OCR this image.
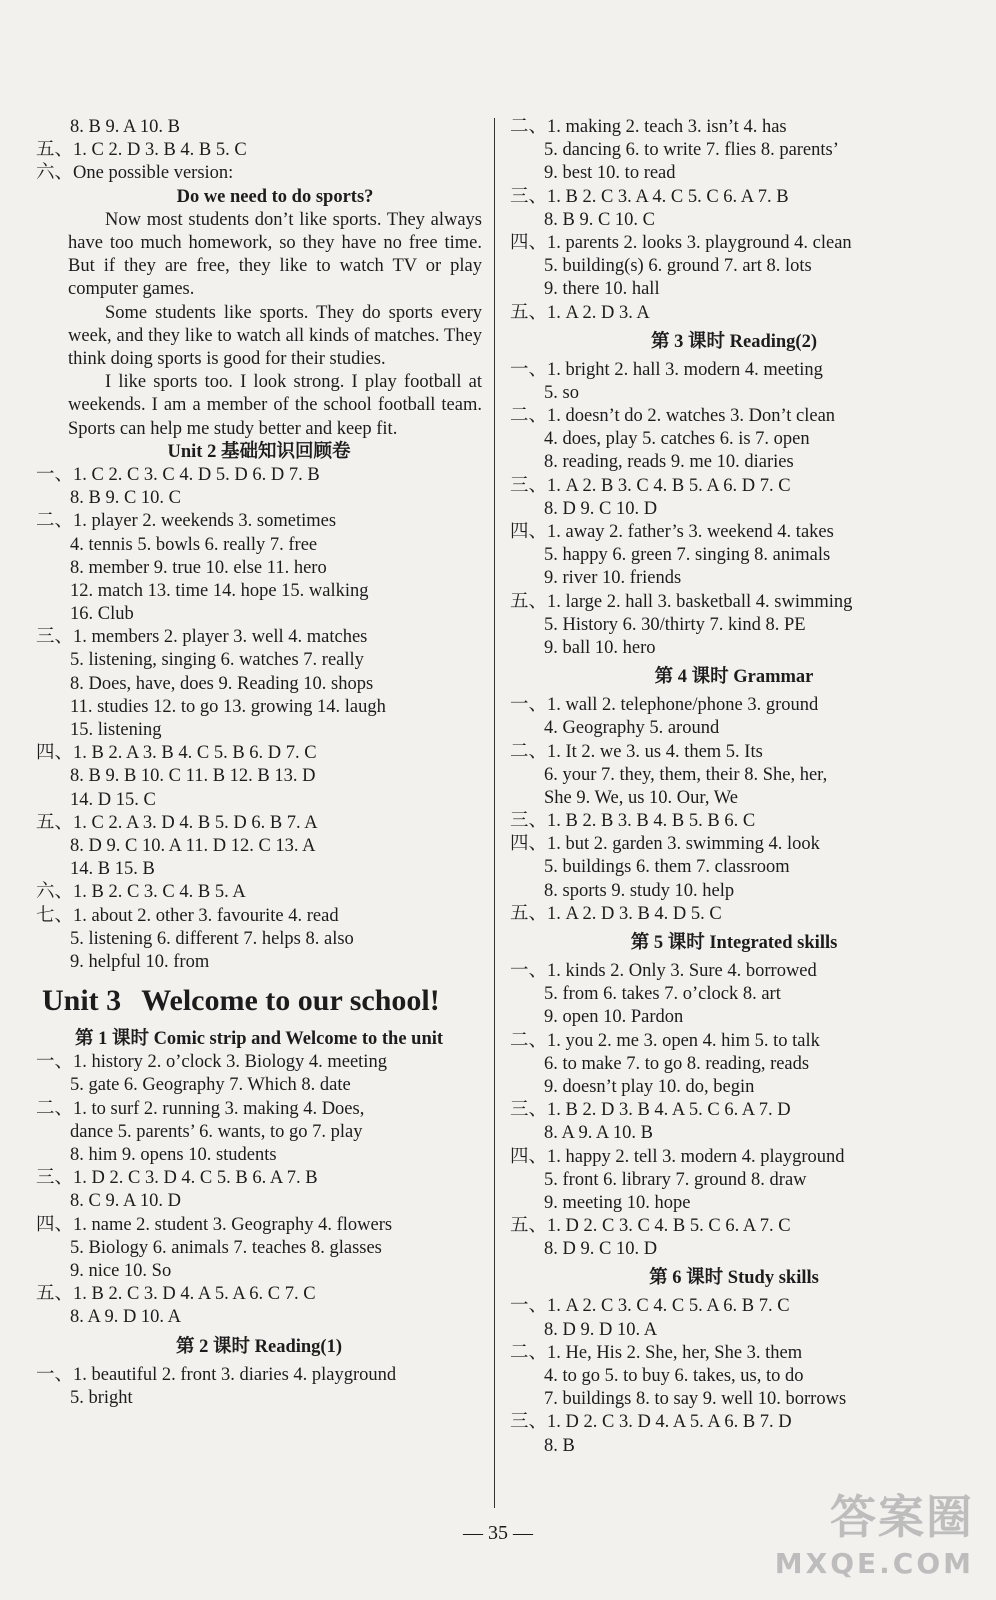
8. B 9. A 10. B
五、1. C 2. D 3. B 4. B 5. C
六、One possible version:
Do we need to do sports?

Now most students don’t like sports. They always have too much homework, so they have no free time. But if they are free, they like to watch TV or play computer games.

Some students like sports. They do sports every week, and they like to watch all kinds of matches. They think doing sports is good for their studies.

I like sports too. I look strong. I play football at weekends. I am a member of the school football team. Sports can help me study better and keep fit.

Unit 2 基础知识回顾卷
一、1. C 2. C 3. C 4. D 5. D 6. D 7. B
8. B 9. C 10. C
二、1. player 2. weekends 3. sometimes
4. tennis 5. bowls 6. really 7. free
8. member 9. true 10. else 11. hero
12. match 13. time 14. hope 15. walking
16. Club
三、1. members 2. player 3. well 4. matches
5. listening, singing 6. watches 7. really
8. Does, have, does 9. Reading 10. shops
11. studies 12. to go 13. growing 14. laugh
15. listening
四、1. B 2. A 3. B 4. C 5. B 6. D 7. C
8. B 9. B 10. C 11. B 12. B 13. D
14. D 15. C
五、1. C 2. A 3. D 4. B 5. D 6. B 7. A
8. D 9. C 10. A 11. D 12. C 13. A
14. B 15. B
六、1. B 2. C 3. C 4. B 5. A
七、1. about 2. other 3. favourite 4. read
5. listening 6. different 7. helps 8. also
9. helpful 10. from
Unit 3 Welcome to our school!
第 1 课时 Comic strip and Welcome to the unit
一、1. history 2. o’clock 3. Biology 4. meeting
5. gate 6. Geography 7. Which 8. date
二、1. to surf 2. running 3. making 4. Does,
dance 5. parents’ 6. wants, to go 7. play
8. him 9. opens 10. students
三、1. D 2. C 3. D 4. C 5. B 6. A 7. B
8. C 9. A 10. D
四、1. name 2. student 3. Geography 4. flowers
5. Biology 6. animals 7. teaches 8. glasses
9. nice 10. So
五、1. B 2. C 3. D 4. A 5. A 6. C 7. C
8. A 9. D 10. A
第 2 课时 Reading(1)
一、1. beautiful 2. front 3. diaries 4. playground
5. bright
二、1. making 2. teach 3. isn’t 4. has
5. dancing 6. to write 7. flies 8. parents’
9. best 10. to read
三、1. B 2. C 3. A 4. C 5. C 6. A 7. B
8. B 9. C 10. C
四、1. parents 2. looks 3. playground 4. clean
5. building(s) 6. ground 7. art 8. lots
9. there 10. hall
五、1. A 2. D 3. A
第 3 课时 Reading(2)
一、1. bright 2. hall 3. modern 4. meeting
5. so
二、1. doesn’t do 2. watches 3. Don’t clean
4. does, play 5. catches 6. is 7. open
8. reading, reads 9. me 10. diaries
三、1. A 2. B 3. C 4. B 5. A 6. D 7. C
8. D 9. C 10. D
四、1. away 2. father’s 3. weekend 4. takes
5. happy 6. green 7. singing 8. animals
9. river 10. friends
五、1. large 2. hall 3. basketball 4. swimming
5. History 6. 30/thirty 7. kind 8. PE
9. ball 10. hero
第 4 课时 Grammar
一、1. wall 2. telephone/phone 3. ground
4. Geography 5. around
二、1. It 2. we 3. us 4. them 5. Its
6. your 7. they, them, their 8. She, her,
She 9. We, us 10. Our, We
三、1. B 2. B 3. B 4. B 5. B 6. C
四、1. but 2. garden 3. swimming 4. look
5. buildings 6. them 7. classroom
8. sports 9. study 10. help
五、1. A 2. D 3. B 4. D 5. C
第 5 课时 Integrated skills
一、1. kinds 2. Only 3. Sure 4. borrowed
5. from 6. takes 7. o’clock 8. art
9. open 10. Pardon
二、1. you 2. me 3. open 4. him 5. to talk
6. to make 7. to go 8. reading, reads
9. doesn’t play 10. do, begin
三、1. B 2. D 3. B 4. A 5. C 6. A 7. D
8. A 9. A 10. B
四、1. happy 2. tell 3. modern 4. playground
5. front 6. library 7. ground 8. draw
9. meeting 10. hope
五、1. D 2. C 3. C 4. B 5. C 6. A 7. C
8. D 9. C 10. D
第 6 课时 Study skills
一、1. A 2. C 3. C 4. C 5. A 6. B 7. C
8. D 9. D 10. A
二、1. He, His 2. She, her, She 3. them
4. to go 5. to buy 6. takes, us, to do
7. buildings 8. to say 9. well 10. borrows
三、1. D 2. C 3. D 4. A 5. A 6. B 7. D
8. B
— 35 —	答案圈
MXQE.COM
